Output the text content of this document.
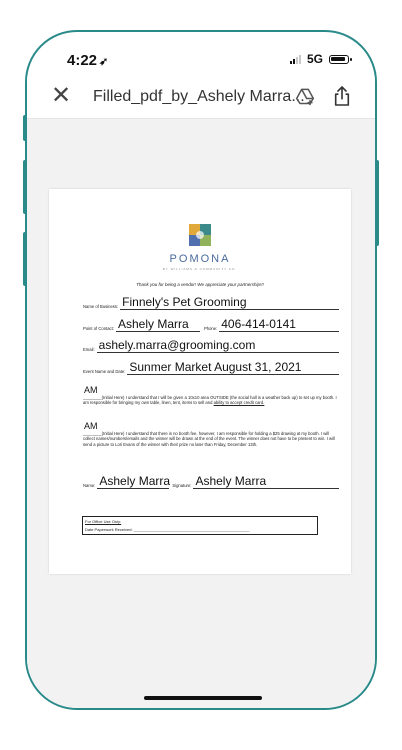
4:22 ➶	5G
✕ Filled_pdf_by_Ashely Marra...
POMONA
BY WILLIAMS & COMMUNITY CO.
Thank you for being a vendor! We appreciate your partnership!!!
Name of Business: Finnely's Pet Grooming
Point of Contact: Ashely Marra	Phone: 406-414-0141
Email: ashely.marra@grooming.com
Event Name and Date: Sunmer Market August 31, 2021
AM
________(Initial Here) I understand that I will be given a 10x10 area OUTSIDE (the social hall is a weather back up) to set up my booth. I am responsible for bringing my own table, linen, tent, items to sell and ability to accept credit card.
AM
________(Initial Here) I understand that there is no booth fee, however, I am responsible for holding a $25 drawing at my booth. I will collect names/numbers/emails and the winner will be drawn at the end of the event. The winner does not have to be present to win. I will send a picture to Lori Evans of the winner with their prize no later than Friday, December 13th.
Name: Ashely Marra Signature: Ashely Marra
For Office Use Only:
Date Paperwork Received: ____________________________________________________
